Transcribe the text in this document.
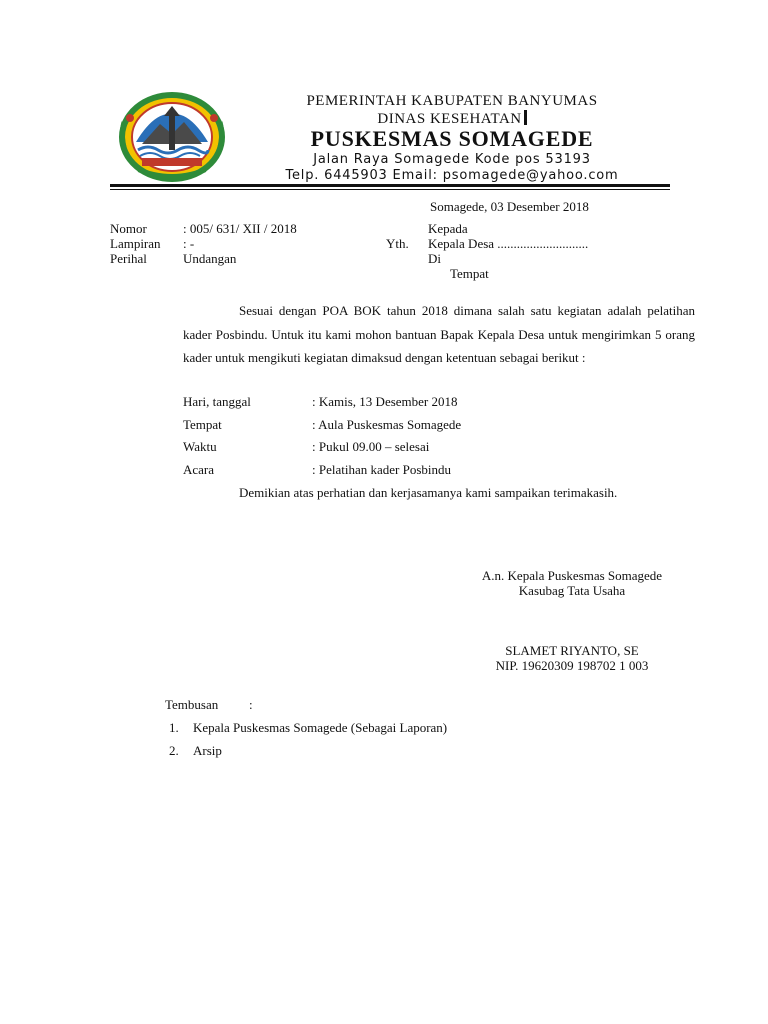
PEMERINTAH KABUPATEN BANYUMAS
DINAS KESEHATAN
PUSKESMAS SOMAGEDE
Jalan Raya Somagede Kode pos 53193
Telp. 6445903 Email: psomagede@yahoo.com
Somagede, 03 Desember 2018
Nomor	: 005/ 631/ XII / 2018
Lampiran : -
Perihal	Undangan
Kepada
Yth. Kepala Desa ............................
Di
Tempat
Sesuai dengan POA BOK tahun 2018 dimana salah satu kegiatan adalah pelatihan kader Posbindu. Untuk itu kami mohon bantuan Bapak Kepala Desa untuk mengirimkan 5 orang kader untuk mengikuti kegiatan dimaksud dengan ketentuan sebagai berikut :
Hari, tanggal	: Kamis, 13 Desember 2018
Tempat	: Aula Puskesmas Somagede
Waktu	: Pukul 09.00 – selesai
Acara	: Pelatihan kader Posbindu
Demikian atas perhatian dan kerjasamanya kami sampaikan terimakasih.
A.n. Kepala Puskesmas Somagede
Kasubag Tata Usaha
SLAMET RIYANTO, SE
NIP. 19620309 198702 1 003
Tembusan :
1. Kepala Puskesmas Somagede (Sebagai Laporan)
2. Arsip
